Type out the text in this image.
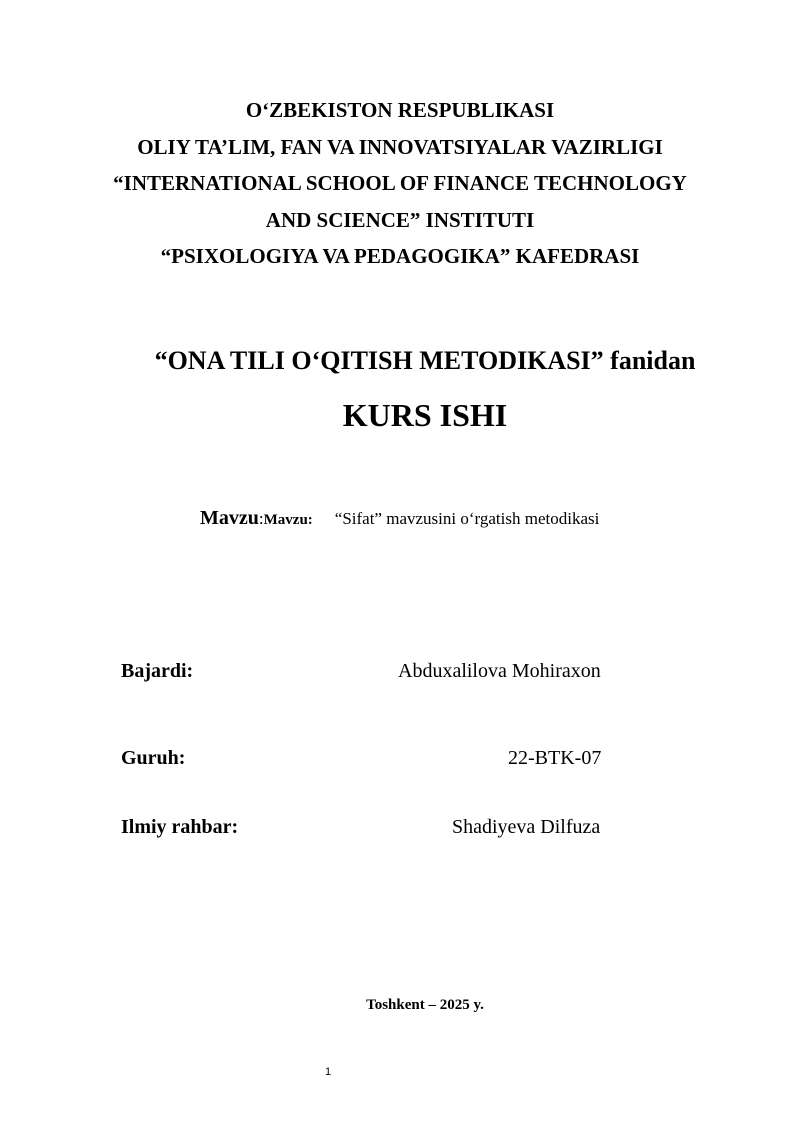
O‘ZBEKISTON RESPUBLIKASI
OLIY TA’LIM, FAN VA INNOVATSIYALAR VAZIRLIGI
“INTERNATIONAL SCHOOL OF FINANCE TECHNOLOGY
AND SCIENCE” INSTITUTI
“PSIXOLOGIYA VA PEDAGOGIKA” KAFEDRASI
“ONA TILI O‘QITISH METODIKASI” fanidan
KURS ISHI
Mavzu:Mavzu: “Sifat” mavzusini o‘rgatish metodikasi
Bajardi:	Abduxalilova Mohiraxon
Guruh:	22-BTK-07
Ilmiy rahbar:	Shadiyeva Dilfuza
Toshkent – 2025 y.
1
